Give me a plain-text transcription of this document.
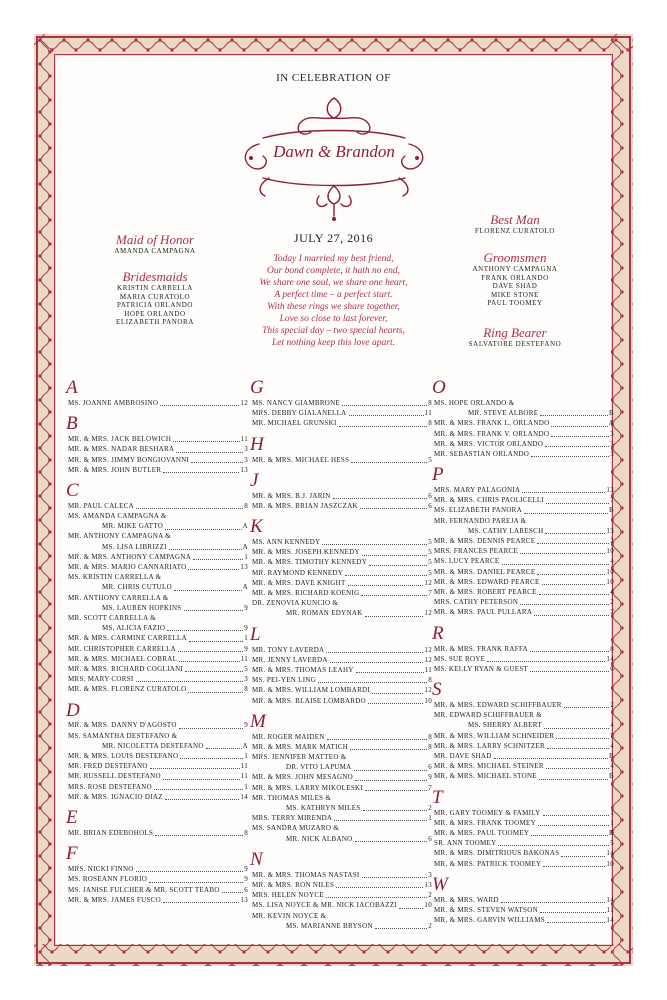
IN CELEBRATION OF
Dawn & Brandon
JULY 27, 2016
Today I married my best friend,
Our bond complete, it hath no end,
We share one soul, we share one heart,
A perfect time – a perfect start.
With these rings we share together,
Love so close to last forever,
This special day – two special hearts,
Let nothing keep this love apart.
Maid of Honor
AMANDA CAMPAGNA
Bridesmaids
KRISTIN CARRELLA
MARIA CURATOLO
PATRICIA ORLANDO
HOPE ORLANDO
ELIZABETH PANORA
Best Man
FLORENZ CURATOLO
Groomsmen
ANTHONY CAMPAGNA
FRANK ORLANDO
DAVE SHAD
MIKE STONE
PAUL TOOMEY
Ring Bearer
SALVATORE DESTEFANO
A
MS. JOANNE AMBROSINO	12
B
MR. & MRS. JACK BELOWICH	11
MR. & MRS. NADAR BESHARA	3
MR. & MRS. JIMMY BONGIOVANNI	3
MR. & MRS. JOHN BUTLER	13
C
MR. PAUL CALECA	8
MS. AMANDA CAMPAGNA &
MR. MIKE GATTO	A
MR. ANTHONY CAMPAGNA &
MS. LISA LIBRIZZI	A
MR. & MRS. ANTHONY CAMPAGNA	1
MR. & MRS. MARIO CANNARIATO	13
MS. KRISTIN CARRELLA &
MR. CHRIS CUTULO	A
MR. ANTHONY CARRELLA &
MS. LAUREN HOPKINS	9
MR. SCOTT CARRELLA &
MS. ALICIA FAZIO	9
MR. & MRS. CARMINE CARRELLA	1
MR. CHRISTOPHER CARRELLA	9
MR. & MRS. MICHAEL COBRAL	11
MR. & MRS. RICHARD COGLIANI	5
MRS. MARY CORSI	3
MR. & MRS. FLORENZ CURATOLO	8
D
MR. & MRS. DANNY D'AGOSTO	9
MS. SAMANTHA DESTEFANO &
MR. NICOLETTA DESTEFANO	A
MR. & MRS. LOUIS DESTEFANO	1
MR. FRED DESTEFANO	11
MR. RUSSELL DESTEFANO	11
MRS. ROSE DESTEFANO	1
MR. & MRS. IGNACIO DIAZ	14
E
MR. BRIAN EDEBOHOLS	8
F
MRS. NICKI FINNO	9
MS. ROSEANN FLORIO	9
MS. JANISE FULCHER & MR. SCOTT TEABO	6
MR. & MRS. JAMES FUSCO	13
G
MS. NANCY GIAMBRONE	8
MRS. DEBBY GIALANELLA	11
MR. MICHAEL GRUNSKI	8
H
MR. & MRS. MICHAEL HESS	5
J
MR. & MRS. B.J. JARIN	6
MR. & MRS. BRIAN JASZCZAK	6
K
MS. ANN KENNEDY	5
MR. & MRS. JOSEPH KENNEDY	5
MR. & MRS. TIMOTHY KENNEDY	5
MR. RAYMOND KENNEDY	5
MR. & MRS. DAVE KNIGHT	12
MR. & MRS. RICHARD KOENIG	7
DR. ZENOVIA KUNCIO &
MR. ROMAN EDYNAK	12
L
MR. TONY LAVERDA	12
MR. JENNY LAVERDA	12
MR. & MRS. THOMAS LEAHY	11
MS. PEI-YEN LING	8
MR. & MRS. WILLIAM LOMBARDI	12
MR. & MRS. BLAISE LOMBARDO	10
M
MR. ROGER MAIDEN	8
MR. & MRS. MARK MATICH	8
MRS. JENNIFER MATTEO &
DR. VITO LAPUMA	6
MR. & MRS. JOHN MESAGNO	9
MR. & MRS. LARRY MIKOLESKI	7
MR. THOMAS MILES &
MS. KATHRYN MILES	2
MRS. TERRY MIRENDA	1
MS. SANDRA MUZARO &
MR. NICK ALBANO	6
N
MR. & MRS. THOMAS NASTASI	3
MR. & MRS. RON NILES	13
MRS. HELEN NOYCE	2
MS. LISA NOYCE & MR. NICK IACOBAZZI	10
MR. KEVIN NOYCE &
MS. MARIANNE BRYSON	2
O
MS. HOPE ORLANDO &
MR. STEVE ALBORE	B
MR. & MRS. FRANK L. ORLANDO	A
MR. & MRS. FRANK V. ORLANDO	3
MR. & MRS. VICTOR ORLANDO	3
MR. SEBASTIAN ORLANDO	3
P
MRS. MARY PALAGONIA	13
MR. & MRS. CHRIS PAOLICELLI	7
MS. ELIZABETH PANORA	B
MR. FERNANDO PAREJA &
MS. CATHY LARESCH	13
MR. & MRS. DENNIS PEARCE	2
MRS. FRANCES PEARCE	10
MS. LUCY PEARCE	4
MR. & MRS. DANIEL PEARCE	10
MR. & MRS. EDWARD PEARCE	10
MR. & MRS. ROBERT PEARCE	4
MRS. CATHY PETERSON	2
MR. & MRS. PAUL PULLARA	7
R
MR. & MRS. FRANK RAFFA	8
MS. SUE ROYE	14
MS. KELLY RYAN & GUEST	6
S
MR. & MRS. EDWARD SCHIFFBAUER	2
MR. EDWARD SCHIFFBAUER &
MS. SHERRY ALBERT	4
MR. & MRS. WILLIAM SCHNEIDER	7
MR. & MRS. LARRY SCHNITZER	4
MR. DAVE SHAD	B
MR. & MRS. MICHAEL STEINER	4
MR. & MRS. MICHAEL STONE	B
T
MR. GARY TOOMEY & FAMILY	1
MR. & MRS. FRANK TOOMEY	1
MR. & MRS. PAUL TOOMEY	B
SR. ANN TOOMEY	5
MR. & MRS. DIMITRIOUS BAKONAS	14
MR. & MRS. PATRICK TOOMEY	10
W
MR. & MRS. WARD	14
MR. & MRS. STEVEN WATSON	11
MR. & MRS. GARVIN WILLIAMS	14
